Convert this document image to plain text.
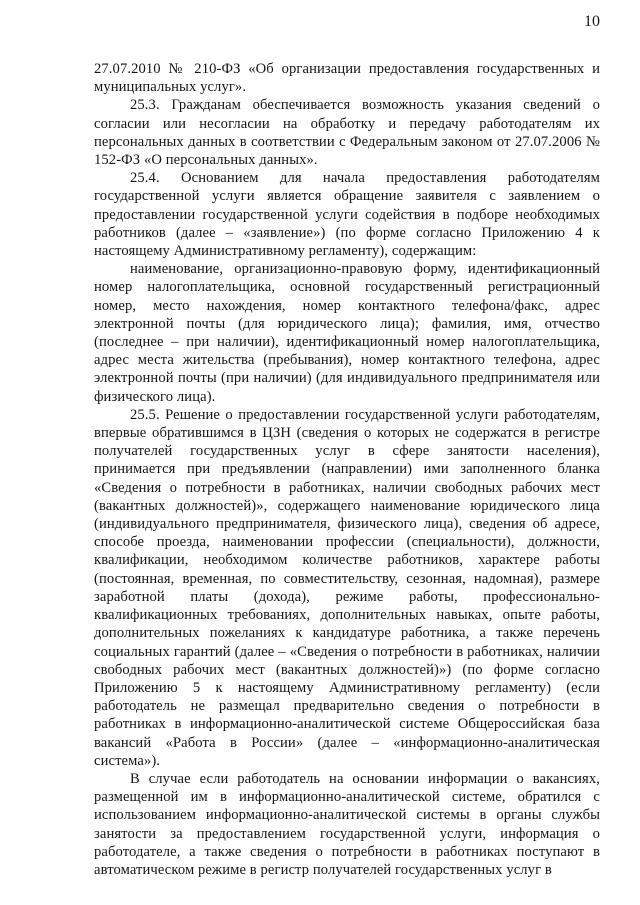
10

27.07.2010 № 210-ФЗ «Об организации предоставления государственных и муниципальных услуг».

25.3. Гражданам обеспечивается возможность указания сведений о согласии или несогласии на обработку и передачу работодателям их персональных данных в соответствии с Федеральным законом от 27.07.2006 № 152-ФЗ «О персональных данных».

25.4. Основанием для начала предоставления работодателям государственной услуги является обращение заявителя с заявлением о предоставлении государственной услуги содействия в подборе необходимых работников (далее – «заявление») (по форме согласно Приложению 4 к настоящему Административному регламенту), содержащим:

наименование, организационно-правовую форму, идентификационный номер налогоплательщика, основной государственный регистрационный номер, место нахождения, номер контактного телефона/факс, адрес электронной почты (для юридического лица); фамилия, имя, отчество (последнее – при наличии), идентификационный номер налогоплательщика, адрес места жительства (пребывания), номер контактного телефона, адрес электронной почты (при наличии) (для индивидуального предпринимателя или физического лица).

25.5. Решение о предоставлении государственной услуги работодателям, впервые обратившимся в ЦЗН (сведения о которых не содержатся в регистре получателей государственных услуг в сфере занятости населения), принимается при предъявлении (направлении) ими заполненного бланка «Сведения о потребности в работниках, наличии свободных рабочих мест (вакантных должностей)», содержащего наименование юридического лица (индивидуального предпринимателя, физического лица), сведения об адресе, способе проезда, наименовании профессии (специальности), должности, квалификации, необходимом количестве работников, характере работы (постоянная, временная, по совместительству, сезонная, надомная), размере заработной платы (дохода), режиме работы, профессионально-квалификационных требованиях, дополнительных навыках, опыте работы, дополнительных пожеланиях к кандидатуре работника, а также перечень социальных гарантий (далее – «Сведения о потребности в работниках, наличии свободных рабочих мест (вакантных должностей)») (по форме согласно Приложению 5 к настоящему Административному регламенту) (если работодатель не размещал предварительно сведения о потребности в работниках в информационно-аналитической системе Общероссийская база вакансий «Работа в России» (далее – «информационно-аналитическая система»).

В случае если работодатель на основании информации о вакансиях, размещенной им в информационно-аналитической системе, обратился с использованием информационно-аналитической системы в органы службы занятости за предоставлением государственной услуги, информация о работодателе, а также сведения о потребности в работниках поступают в автоматическом режиме в регистр получателей государственных услуг в
